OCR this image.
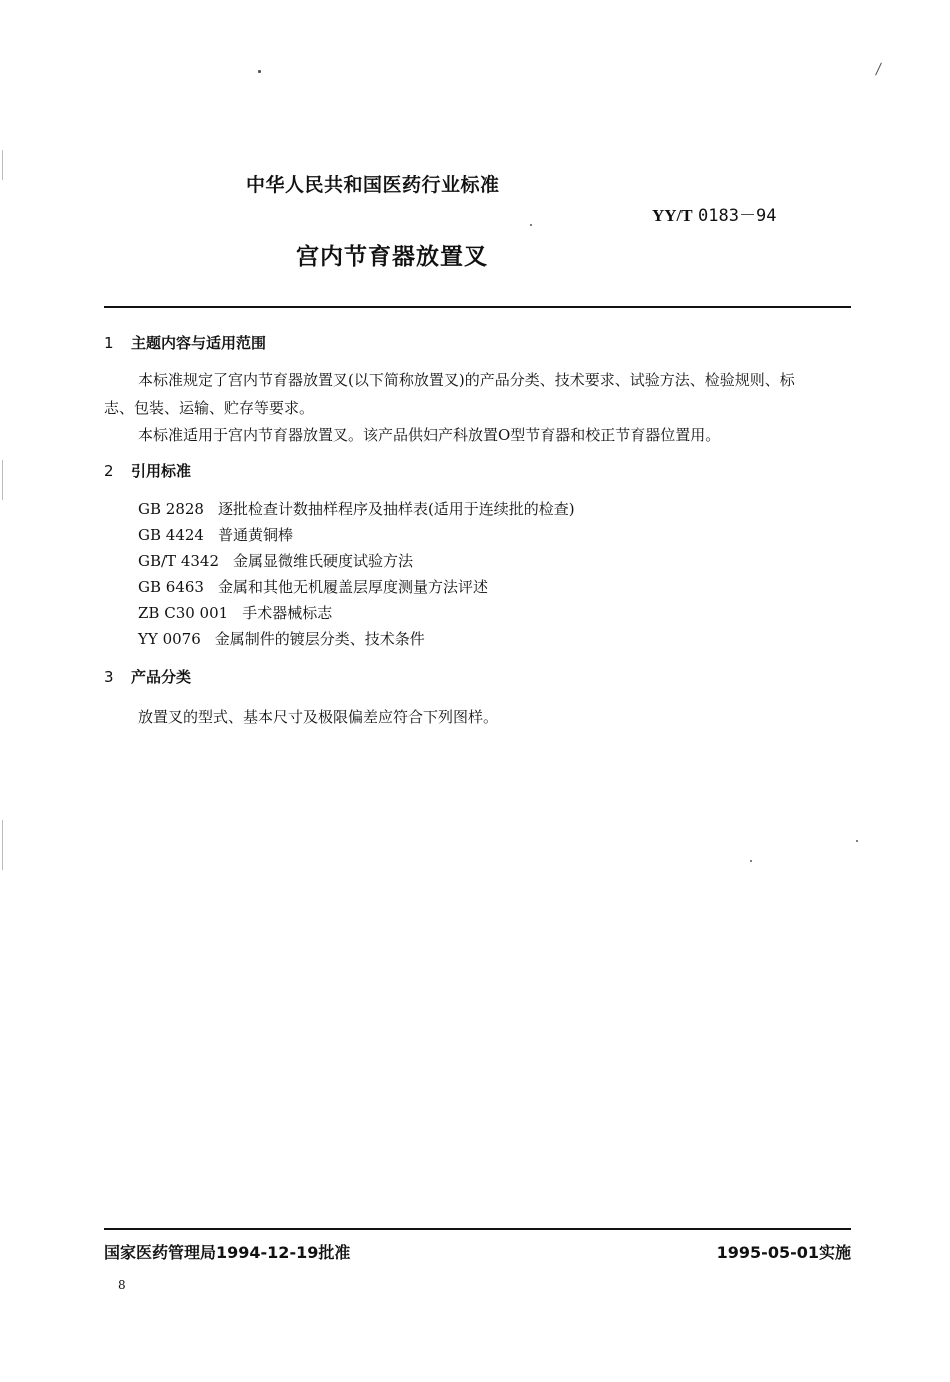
中华人民共和国医药行业标准
YY/T 0183－94
宫内节育器放置叉
1 主题内容与适用范围
本标准规定了宫内节育器放置叉(以下简称放置叉)的产品分类、技术要求、试验方法、检验规则、标
志、包装、运输、贮存等要求。
本标准适用于宫内节育器放置叉。该产品供妇产科放置O型节育器和校正节育器位置用。
2 引用标准
GB 2828 逐批检查计数抽样程序及抽样表(适用于连续批的检查)
GB 4424 普通黄铜棒
GB/T 4342 金属显微维氏硬度试验方法
GB 6463 金属和其他无机履盖层厚度测量方法评述
ZB C30 001 手术器械标志
YY 0076 金属制件的镀层分类、技术条件
3 产品分类
放置叉的型式、基本尺寸及极限偏差应符合下列图样。
国家医药管理局1994-12-19批准	1995-05-01实施
8
